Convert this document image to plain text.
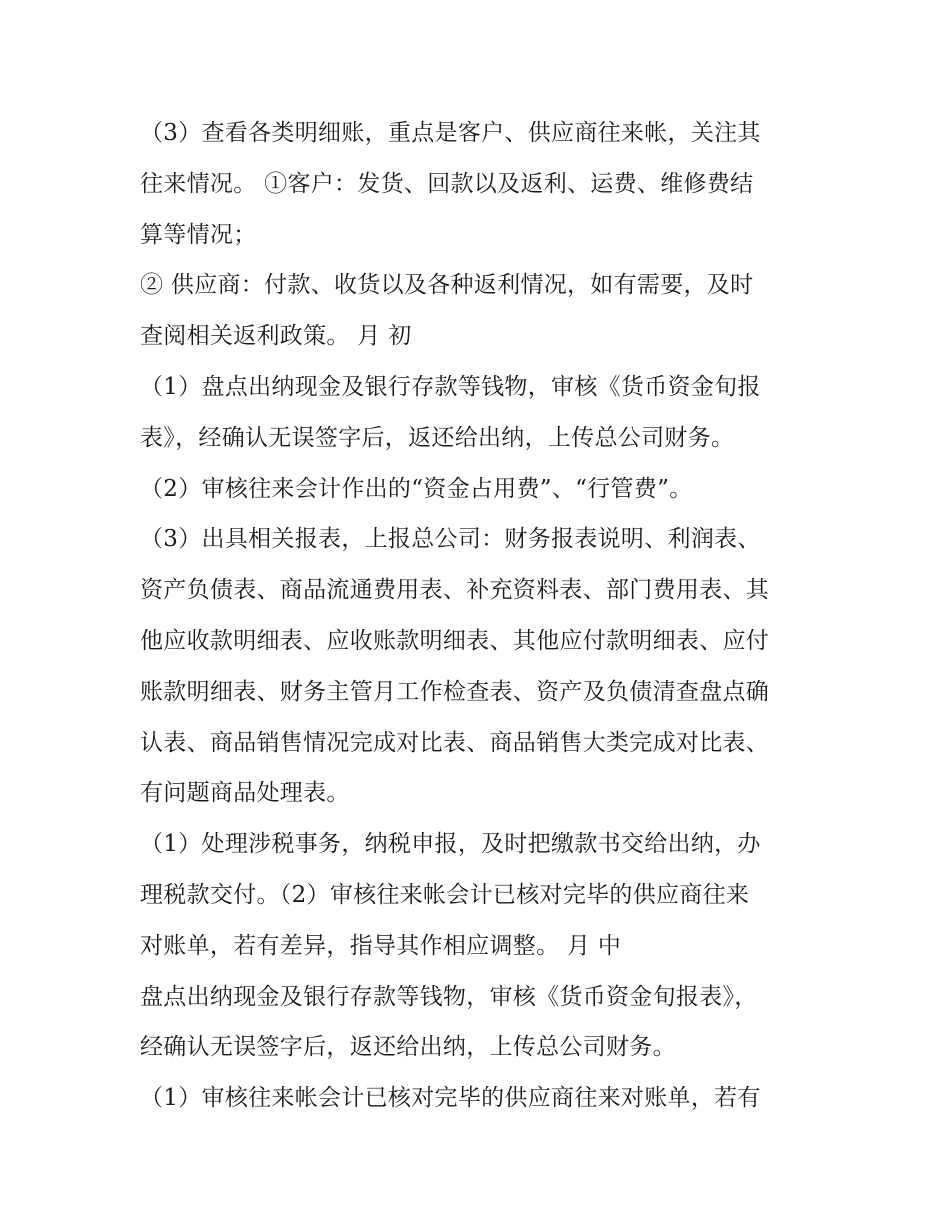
（3）查看各类明细账，重点是客户、供应商往来帐，关注其
往来情况。 ①客户：发货、回款以及返利、运费、维修费结
算等情况；
② 供应商：付款、收货以及各种返利情况，如有需要，及时
查阅相关返利政策。 月 初
（1）盘点出纳现金及银行存款等钱物，审核《货币资金旬报
表》，经确认无误签字后，返还给出纳，上传总公司财务。
（2）审核往来会计作出的“资金占用费”、“行管费”。
（3）出具相关报表，上报总公司：财务报表说明、利润表、
资产负债表、商品流通费用表、补充资料表、部门费用表、其
他应收款明细表、应收账款明细表、其他应付款明细表、应付
账款明细表、财务主管月工作检查表、资产及负债清查盘点确
认表、商品销售情况完成对比表、商品销售大类完成对比表、
有问题商品处理表。
（1）处理涉税事务，纳税申报，及时把缴款书交给出纳，办
理税款交付。（2）审核往来帐会计已核对完毕的供应商往来
对账单，若有差异，指导其作相应调整。 月 中
盘点出纳现金及银行存款等钱物，审核《货币资金旬报表》，
经确认无误签字后，返还给出纳，上传总公司财务。
（1）审核往来帐会计已核对完毕的供应商往来对账单，若有
